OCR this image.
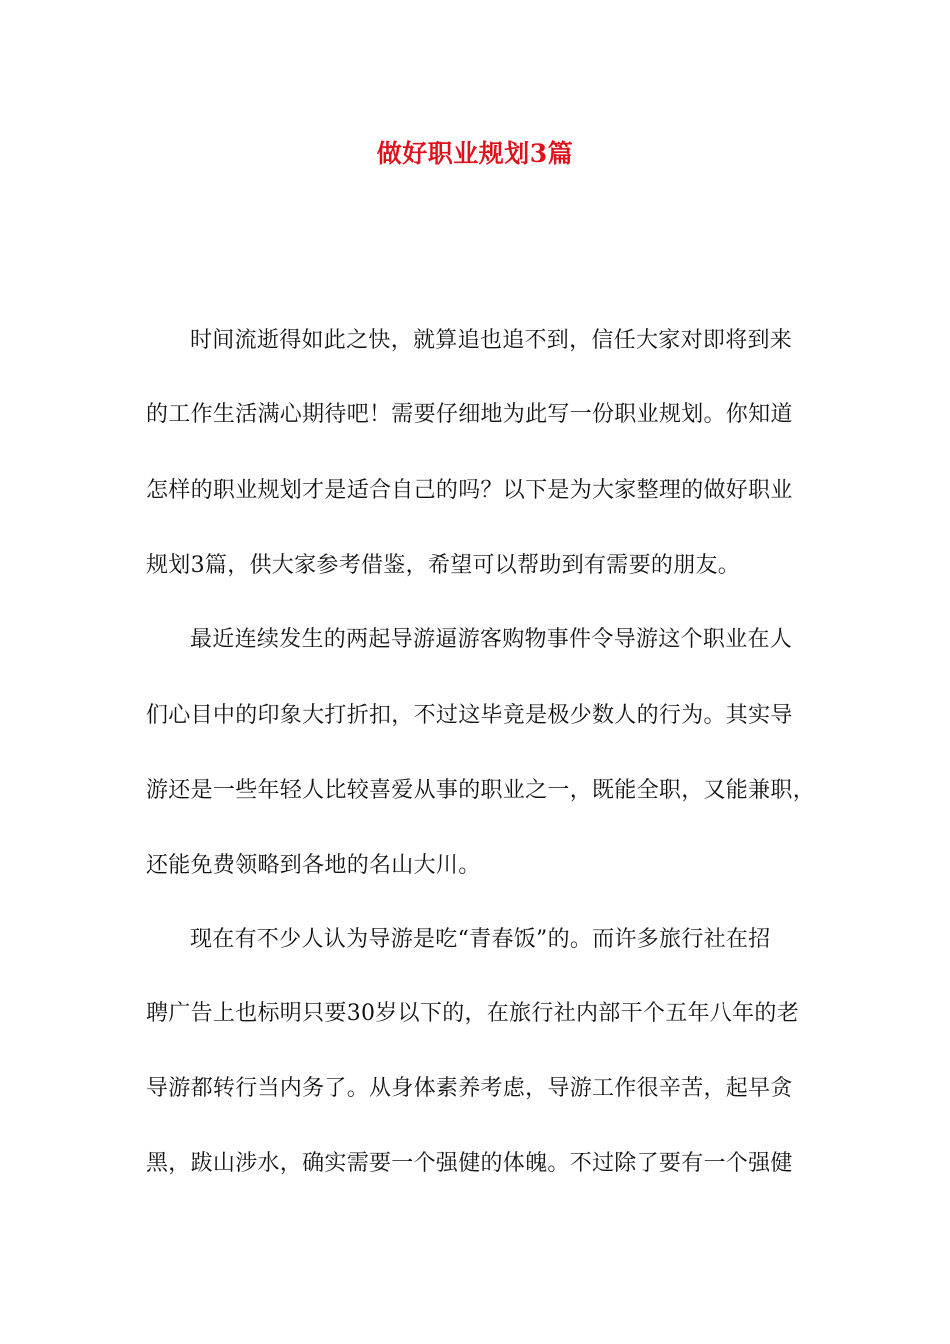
做好职业规划3篇
时间流逝得如此之快，就算追也追不到，信任大家对即将到来
的工作生活满心期待吧！需要仔细地为此写一份职业规划。你知道
怎样的职业规划才是适合自己的吗？以下是为大家整理的做好职业
规划3篇，供大家参考借鉴，希望可以帮助到有需要的朋友。
最近连续发生的两起导游逼游客购物事件令导游这个职业在人
们心目中的印象大打折扣，不过这毕竟是极少数人的行为。其实导
游还是一些年轻人比较喜爱从事的职业之一，既能全职，又能兼职，
还能免费领略到各地的名山大川。
现在有不少人认为导游是吃“青春饭”的。而许多旅行社在招
聘广告上也标明只要30岁以下的，在旅行社内部干个五年八年的老
导游都转行当内务了。从身体素养考虑，导游工作很辛苦，起早贪
黑，跋山涉水，确实需要一个强健的体魄。不过除了要有一个强健
